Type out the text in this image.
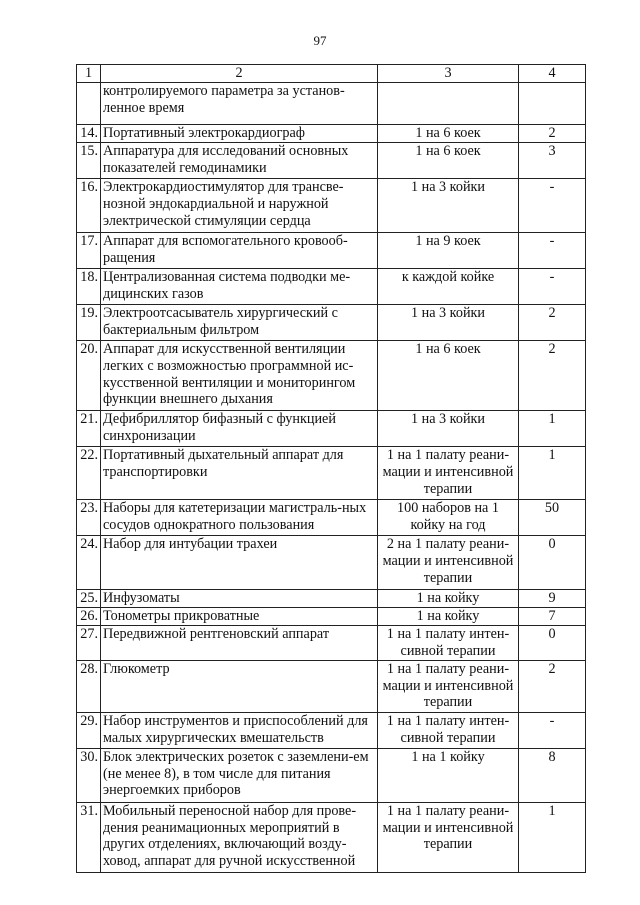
97
1	2	3	4
	контролируемого параметра за установ-ленное время		
14.	Портативный электрокардиограф	1 на 6 коек	2
15.	Аппаратура для исследований основных показателей гемодинамики	1 на 6 коек	3
16.	Электрокардиостимулятор для трансве-нозной эндокардиальной и наружной электрической стимуляции сердца	1 на 3 койки	-
17.	Аппарат для вспомогательного кровооб-ращения	1 на 9 коек	-
18.	Централизованная система подводки ме-дицинских газов	к каждой койке	-
19.	Электроотсасыватель хирургический с бактериальным фильтром	1 на 3 койки	2
20.	Аппарат для искусственной вентиляции легких с возможностью программной ис-кусственной вентиляции и мониторингом функции внешнего дыхания	1 на 6 коек	2
21.	Дефибриллятор бифазный с функцией синхронизации	1 на 3 койки	1
22.	Портативный дыхательный аппарат для транспортировки	1 на 1 палату реани-мации и интенсивной терапии	1
23.	Наборы для катетеризации магистраль-ных сосудов однократного пользования	100 наборов на 1 койку на год	50
24.	Набор для интубации трахеи	2 на 1 палату реани-мации и интенсивной терапии	0
25.	Инфузоматы	1 на койку	9
26.	Тонометры прикроватные	1 на койку	7
27.	Передвижной рентгеновский аппарат	1 на 1 палату интен-сивной терапии	0
28.	Глюкометр	1 на 1 палату реани-мации и интенсивной терапии	2
29.	Набор инструментов и приспособлений для малых хирургических вмешательств	1 на 1 палату интен-сивной терапии	-
30.	Блок электрических розеток с заземлени-ем (не менее 8), в том числе для питания энергоемких приборов	1 на 1 койку	8
31.	Мобильный переносной набор для прове-дения реанимационных мероприятий в других отделениях, включающий возду-ховод, аппарат для ручной искусственной	1 на 1 палату реани-мации и интенсивной терапии	1
